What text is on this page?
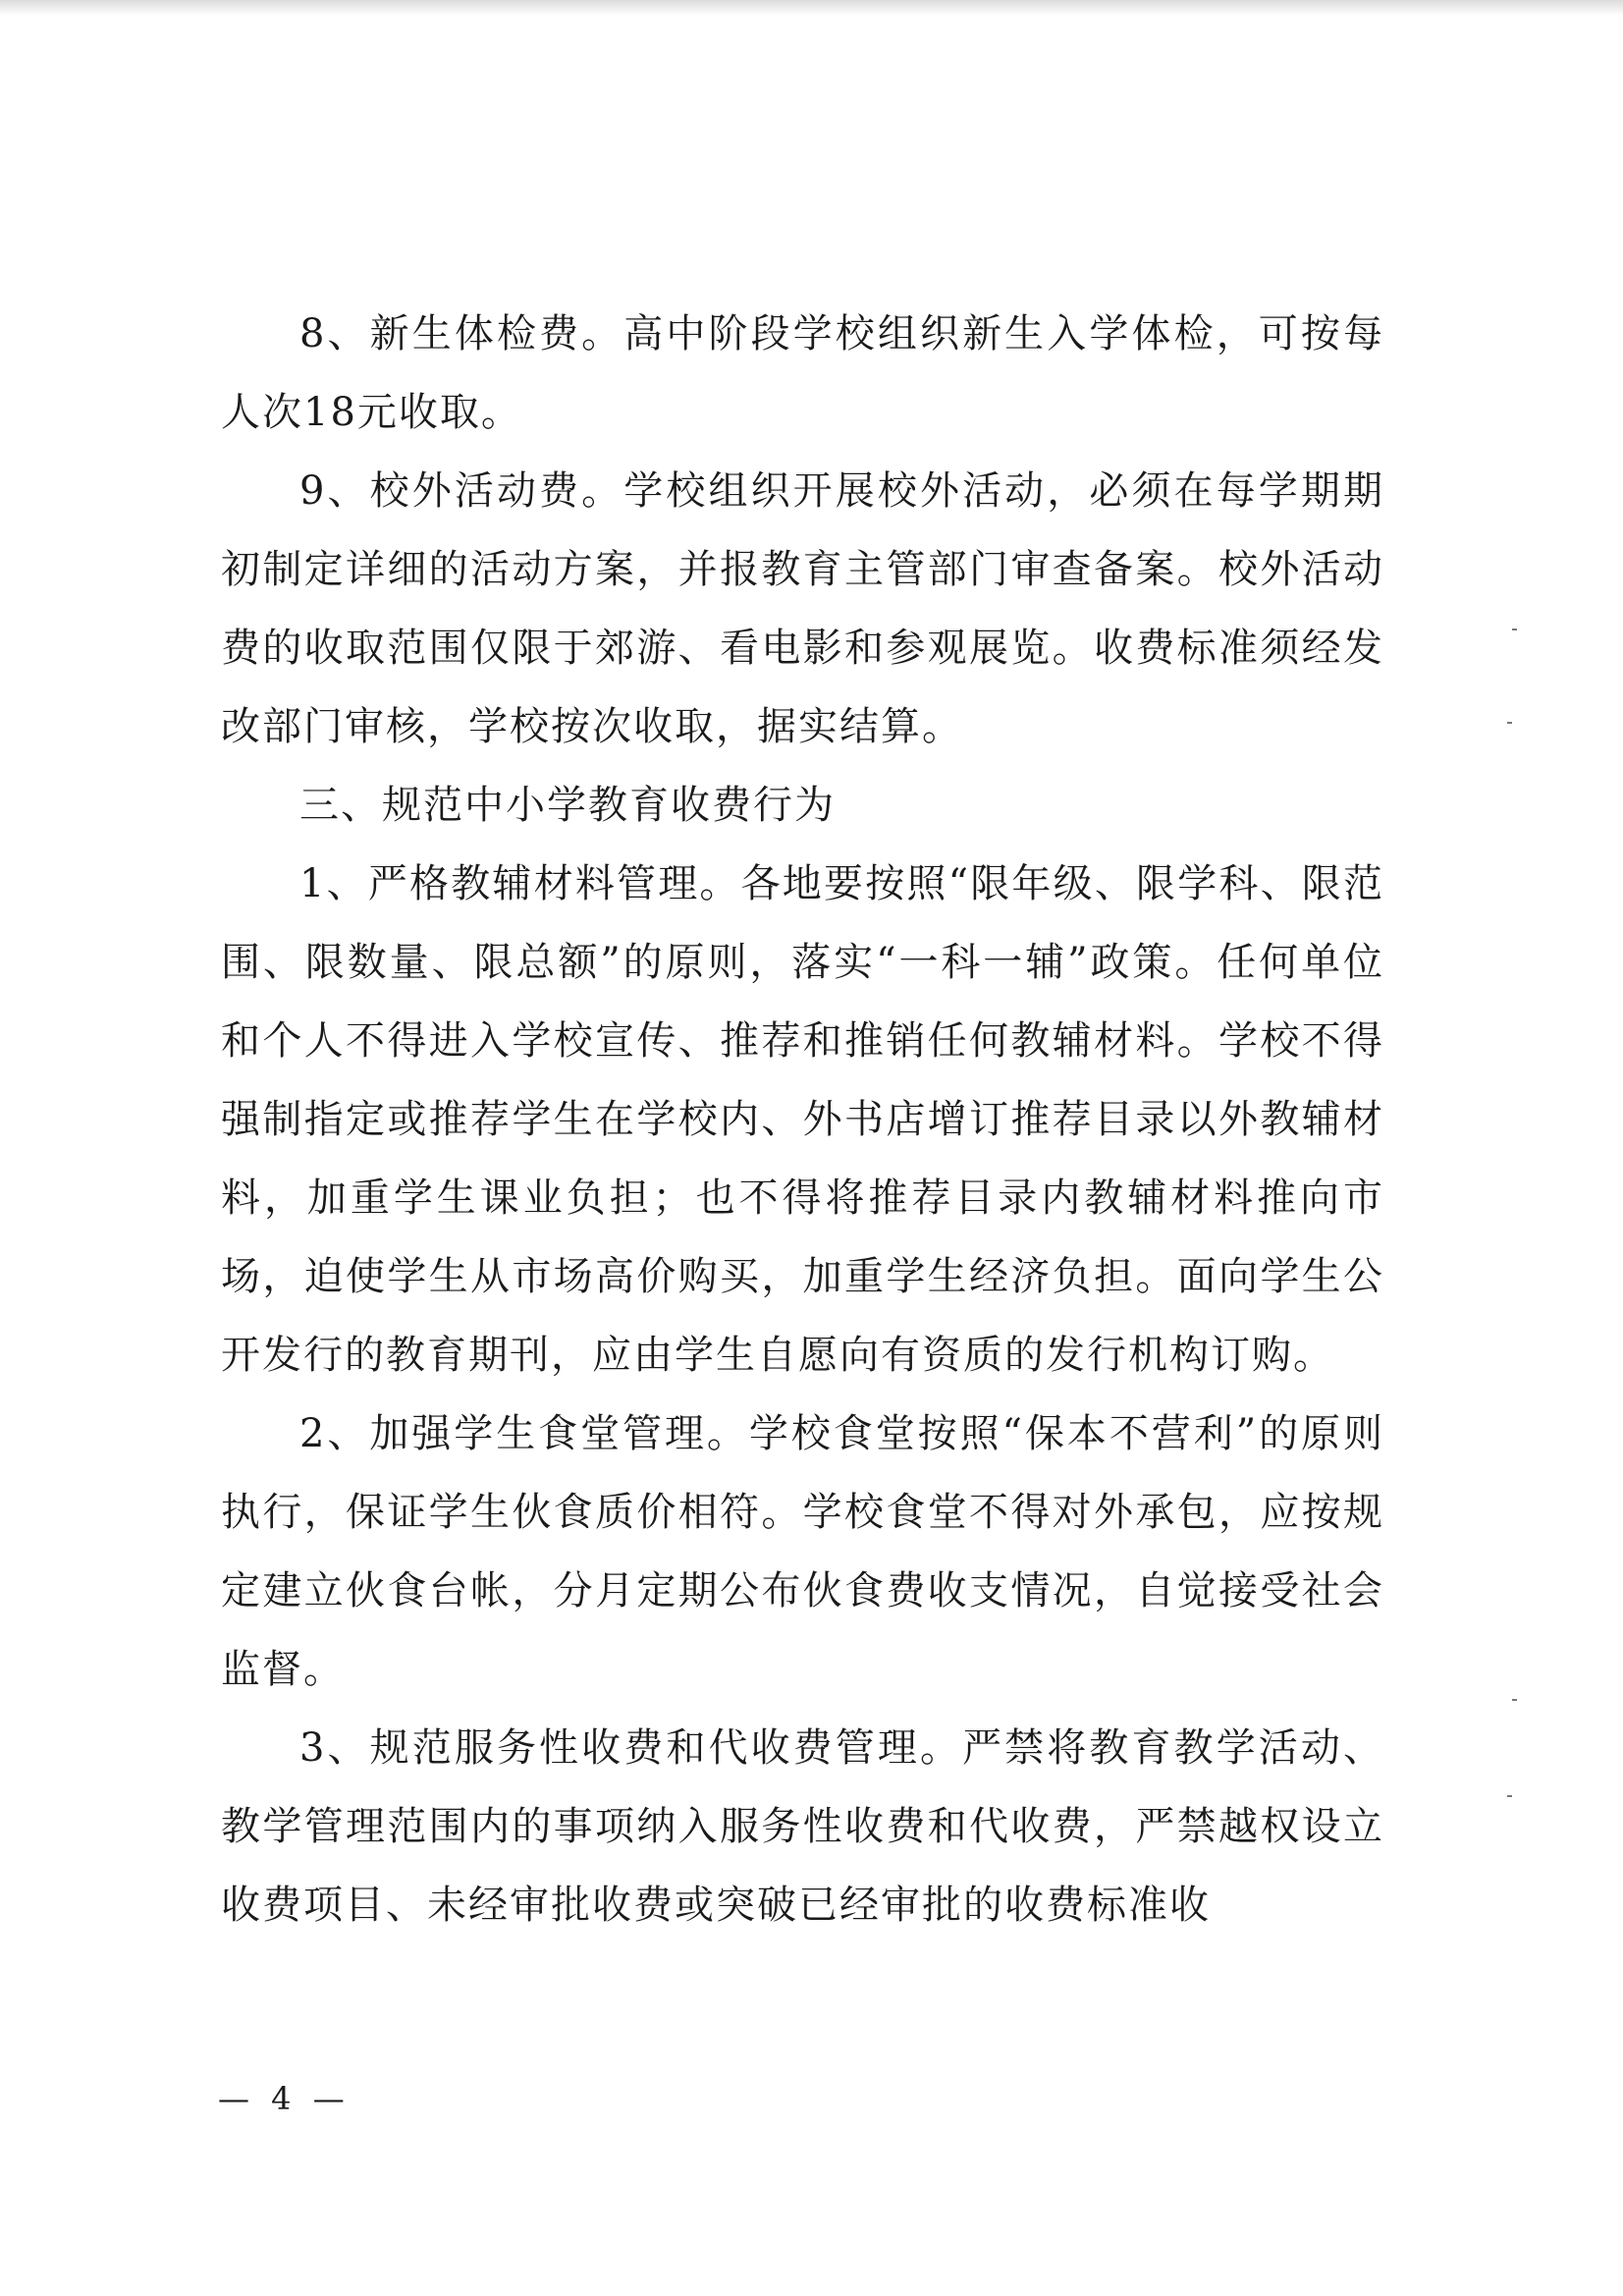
8、新生体检费。高中阶段学校组织新生入学体检，可按每人次18元收取。

9、校外活动费。学校组织开展校外活动，必须在每学期期初制定详细的活动方案，并报教育主管部门审查备案。校外活动费的收取范围仅限于郊游、看电影和参观展览。收费标准须经发改部门审核，学校按次收取，据实结算。

三、规范中小学教育收费行为

1、严格教辅材料管理。各地要按照“限年级、限学科、限范围、限数量、限总额”的原则，落实“一科一辅”政策。任何单位和个人不得进入学校宣传、推荐和推销任何教辅材料。学校不得强制指定或推荐学生在学校内、外书店增订推荐目录以外教辅材料，加重学生课业负担；也不得将推荐目录内教辅材料推向市场，迫使学生从市场高价购买，加重学生经济负担。面向学生公开发行的教育期刊，应由学生自愿向有资质的发行机构订购。

2、加强学生食堂管理。学校食堂按照“保本不营利”的原则执行，保证学生伙食质价相符。学校食堂不得对外承包，应按规定建立伙食台帐，分月定期公布伙食费收支情况，自觉接受社会监督。

3、规范服务性收费和代收费管理。严禁将教育教学活动、教学管理范围内的事项纳入服务性收费和代收费，严禁越权设立收费项目、未经审批收费或突破已经审批的收费标准收

— 4 —
